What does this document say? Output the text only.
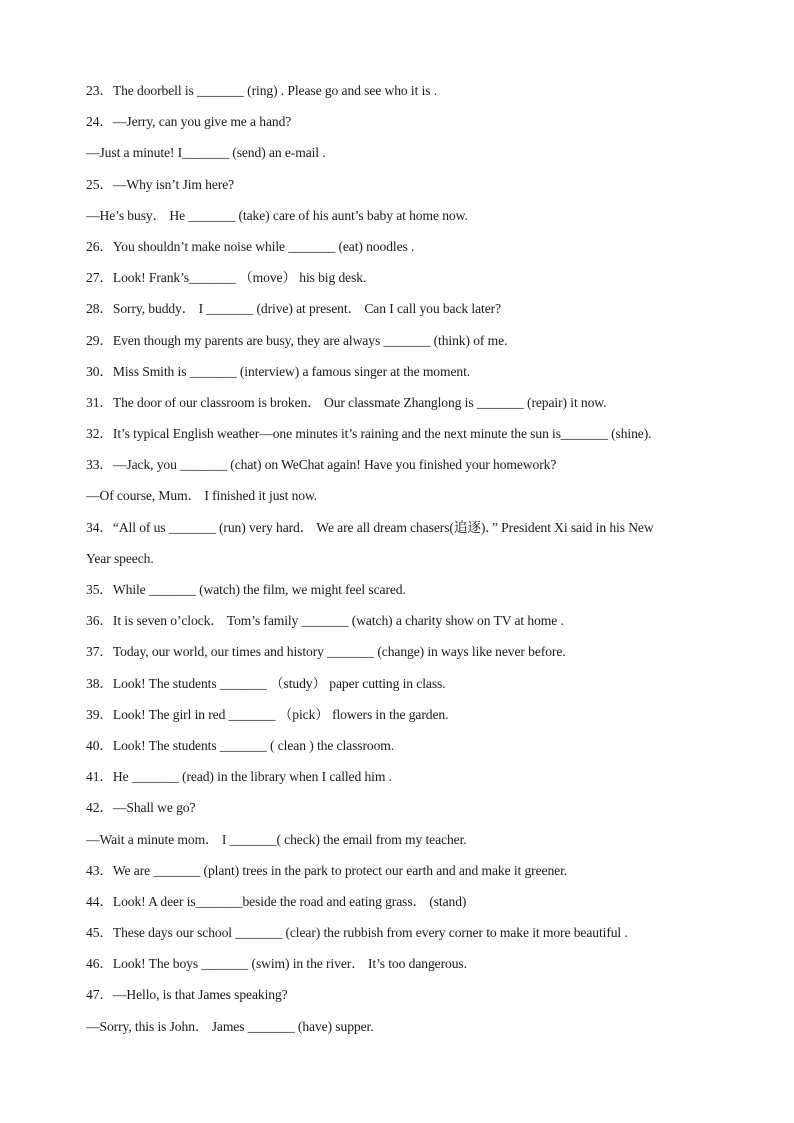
23．The doorbell is _______ (ring) . Please go and see who it is .
24．—Jerry, can you give me a hand?
—Just a minute! I_______ (send) an e-mail .
25．—Why isn’t Jim here?
—He’s busy． He _______ (take) care of his aunt’s baby at home now.
26．You shouldn’t make noise while _______ (eat) noodles .
27．Look! Frank’s_______ （move） his big desk.
28．Sorry, buddy． I _______ (drive) at present． Can I call you back later?
29．Even though my parents are busy, they are always _______ (think) of me.
30．Miss Smith is _______ (interview) a famous singer at the moment.
31．The door of our classroom is broken． Our classmate Zhanglong is _______ (repair) it now.
32．It’s typical English weather—one minutes it’s raining and the next minute the sun is_______ (shine).
33．—Jack, you _______ (chat) on WeChat again! Have you finished your homework?
—Of course, Mum． I finished it just now.
34．“All of us _______ (run) very hard． We are all dream chasers(追逐)．” President Xi said in his New
Year speech.
35．While _______ (watch) the film, we might feel scared.
36．It is seven o’clock． Tom’s family _______ (watch) a charity show on TV at home .
37．Today, our world, our times and history _______ (change) in ways like never before.
38．Look! The students _______ （study） paper cutting in class.
39．Look! The girl in red _______ （pick） flowers in the garden.
40．Look! The students _______ ( clean ) the classroom.
41．He _______ (read) in the library when I called him .
42．—Shall we go?
—Wait a minute mom． I _______( check) the email from my teacher.
43．We are _______ (plant) trees in the park to protect our earth and and make it greener.
44．Look! A deer is_______beside the road and eating grass． (stand)
45．These days our school _______ (clear) the rubbish from every corner to make it more beautiful .
46．Look! The boys _______ (swim) in the river． It’s too dangerous.
47．—Hello, is that James speaking?
—Sorry, this is John． James _______ (have) supper.
